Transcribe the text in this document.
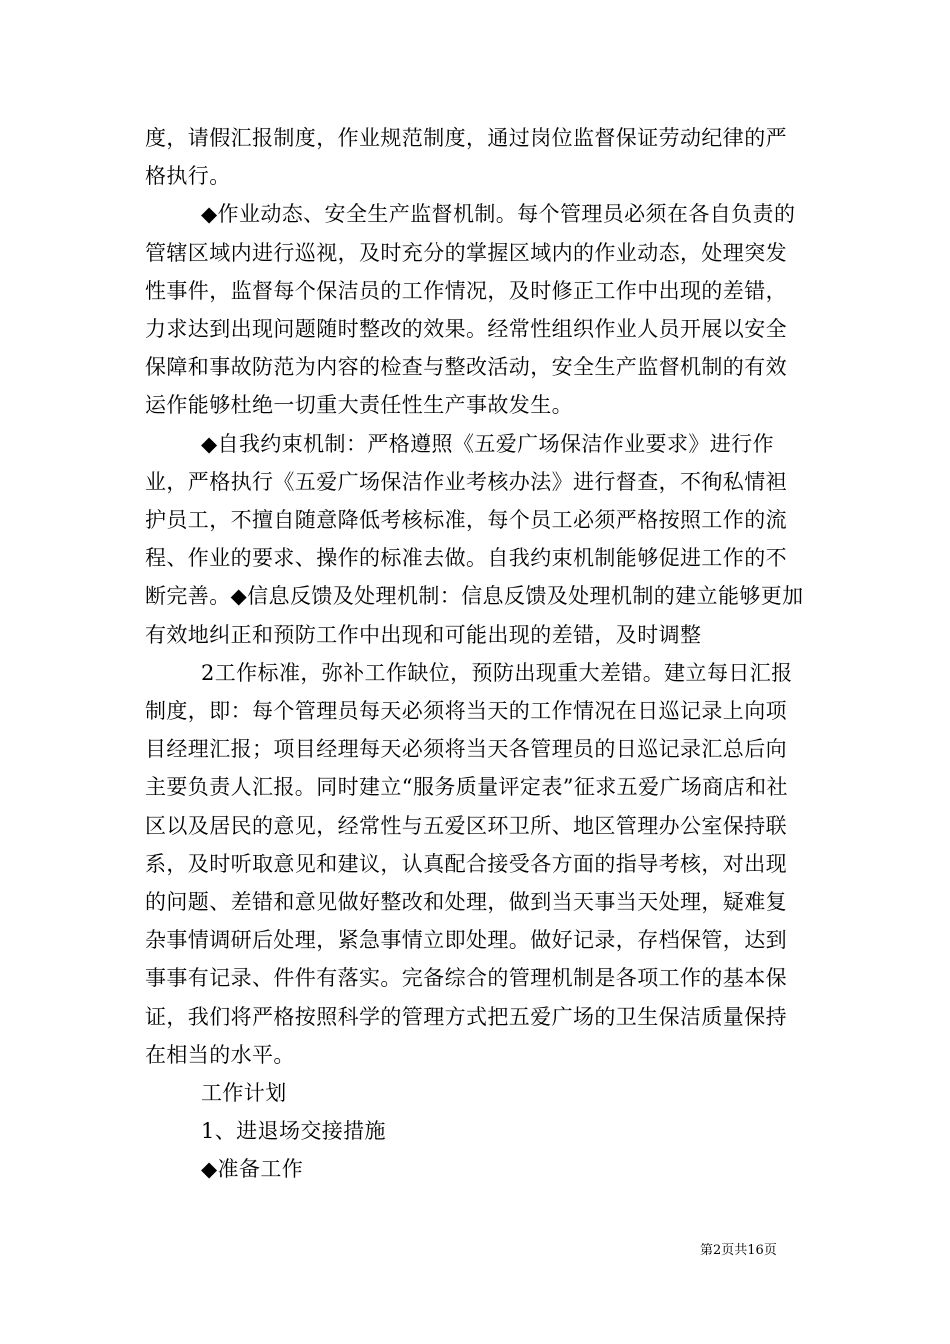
度，请假汇报制度，作业规范制度，通过岗位监督保证劳动纪律的严格执行。

◆作业动态、安全生产监督机制。每个管理员必须在各自负责的管辖区域内进行巡视，及时充分的掌握区域内的作业动态，处理突发性事件，监督每个保洁员的工作情况，及时修正工作中出现的差错，力求达到出现问题随时整改的效果。经常性组织作业人员开展以安全保障和事故防范为内容的检查与整改活动，安全生产监督机制的有效运作能够杜绝一切重大责任性生产事故发生。

◆自我约束机制：严格遵照《五爱广场保洁作业要求》进行作业，严格执行《五爱广场保洁作业考核办法》进行督查，不徇私情袒护员工，不擅自随意降低考核标准，每个员工必须严格按照工作的流程、作业的要求、操作的标准去做。自我约束机制能够促进工作的不断完善。◆信息反馈及处理机制：信息反馈及处理机制的建立能够更加有效地纠正和预防工作中出现和可能出现的差错，及时调整

2工作标准，弥补工作缺位，预防出现重大差错。建立每日汇报制度，即：每个管理员每天必须将当天的工作情况在日巡记录上向项目经理汇报；项目经理每天必须将当天各管理员的日巡记录汇总后向主要负责人汇报。同时建立“服务质量评定表”征求五爱广场商店和社区以及居民的意见，经常性与五爱区环卫所、地区管理办公室保持联系，及时听取意见和建议，认真配合接受各方面的指导考核，对出现的问题、差错和意见做好整改和处理，做到当天事当天处理，疑难复杂事情调研后处理，紧急事情立即处理。做好记录，存档保管，达到事事有记录、件件有落实。完备综合的管理机制是各项工作的基本保证，我们将严格按照科学的管理方式把五爱广场的卫生保洁质量保持在相当的水平。

工作计划

1、进退场交接措施

◆准备工作

第2页共16页
